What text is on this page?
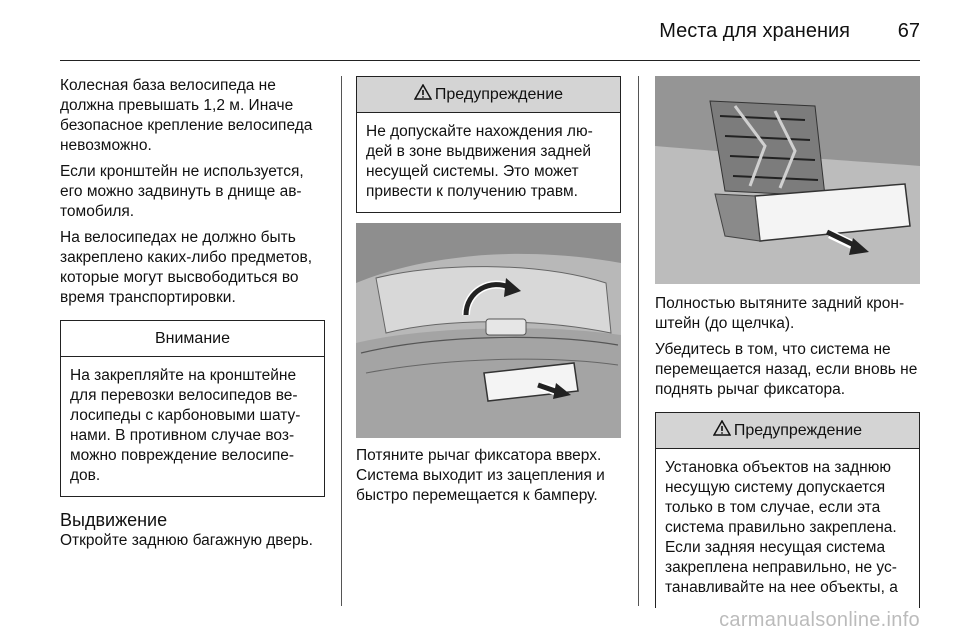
Места для хранения 67

Колесная база велосипеда не должна превышать 1,2 м. Иначе безопасное крепление велосипеда невозможно.

Если кронштейн не используется, его можно задвинуть в днище ав-томобиля.

На велосипедах не должно быть закреплено каких-либо предметов, которые могут высвободиться во время транспортировки.

Внимание
На закрепляйте на кронштейне для перевозки велосипедов ве-лосипеды с карбоновыми шату-нами. В противном случае воз-можно повреждение велосипе-дов.
Выдвижение

Откройте заднюю багажную дверь.

Предупреждение
Не допускайте нахождения лю-дей в зоне выдвижения задней несущей системы. Это может привести к получению травм.

Потяните рычаг фиксатора вверх. Система выходит из зацепления и быстро перемещается к бамперу.

Полностью вытяните задний крон-штейн (до щелчка).

Убедитесь в том, что система не перемещается назад, если вновь не поднять рычаг фиксатора.

Предупреждение
Установка объектов на заднюю несущую систему допускается только в том случае, если эта система правильно закреплена. Если задняя несущая система закреплена неправильно, не ус-танавливайте на нее объекты, а
carmanualsonline.info
